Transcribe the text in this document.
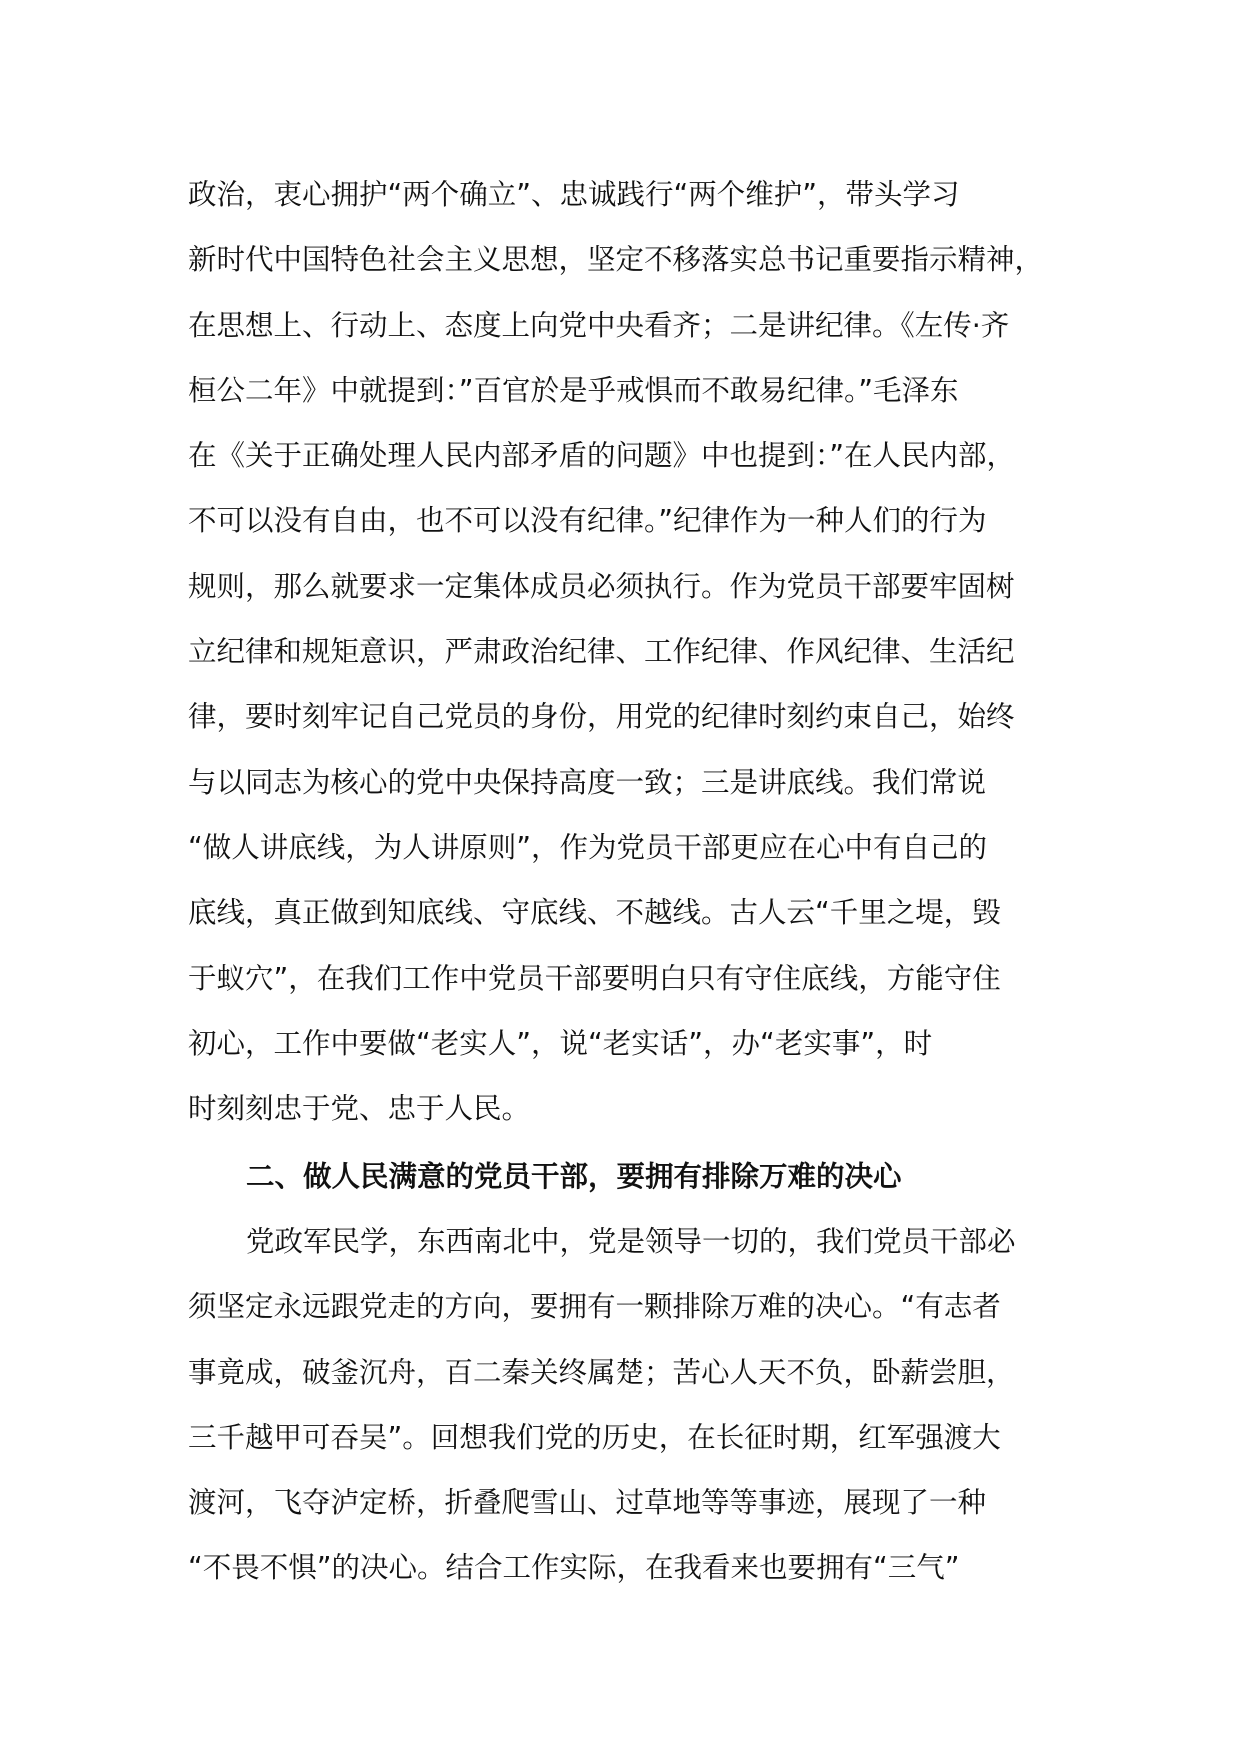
政治，衷心拥护“两个确立”、忠诚践行“两个维护”，带头学习
新时代中国特色社会主义思想，坚定不移落实总书记重要指示精神，
在思想上、行动上、态度上向党中央看齐；二是讲纪律。《左传·齐
桓公二年》中就提到：”百官於是乎戒惧而不敢易纪律。”毛泽东
在《关于正确处理人民内部矛盾的问题》中也提到：”在人民内部，
不可以没有自由，也不可以没有纪律。”纪律作为一种人们的行为
规则，那么就要求一定集体成员必须执行。作为党员干部要牢固树
立纪律和规矩意识，严肃政治纪律、工作纪律、作风纪律、生活纪
律，要时刻牢记自己党员的身份，用党的纪律时刻约束自己，始终
与以同志为核心的党中央保持高度一致；三是讲底线。我们常说
“做人讲底线，为人讲原则”，作为党员干部更应在心中有自己的
底线，真正做到知底线、守底线、不越线。古人云“千里之堤，毁
于蚁穴”，在我们工作中党员干部要明白只有守住底线，方能守住
初心，工作中要做“老实人”，说“老实话”，办“老实事”，时
时刻刻忠于党、忠于人民。
二、做人民满意的党员干部，要拥有排除万难的决心
党政军民学，东西南北中，党是领导一切的，我们党员干部必
须坚定永远跟党走的方向，要拥有一颗排除万难的决心。“有志者
事竟成，破釜沉舟，百二秦关终属楚；苦心人天不负，卧薪尝胆，
三千越甲可吞吴”。回想我们党的历史，在长征时期，红军强渡大
渡河，飞夺泸定桥，折叠爬雪山、过草地等等事迹，展现了一种
“不畏不惧”的决心。结合工作实际，在我看来也要拥有“三气”
